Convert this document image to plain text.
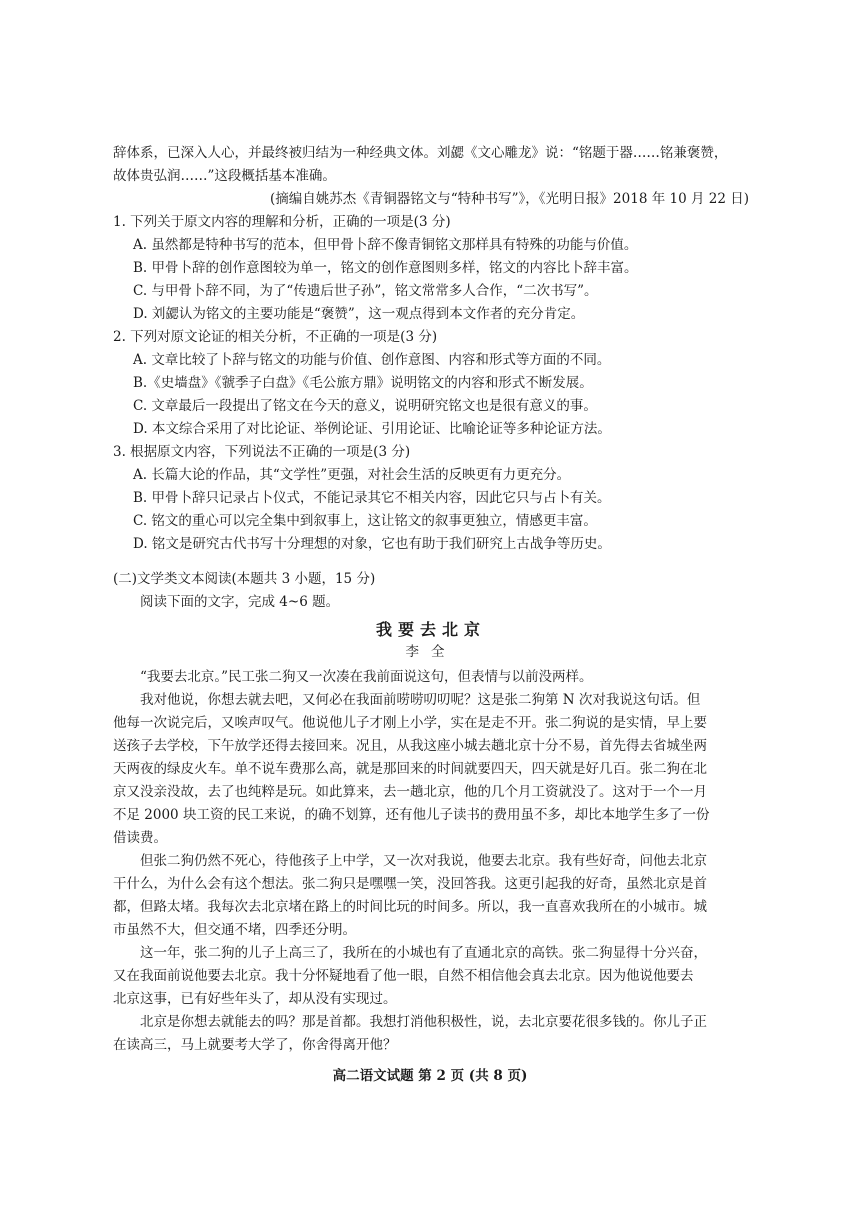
辞体系，已深入人心，并最终被归结为一种经典文体。刘勰《文心雕龙》说：“铭题于器……铭兼褒赞，
故体贵弘润……”这段概括基本准确。
(摘编自姚苏杰《青铜器铭文与“特种书写”》，《光明日报》2018 年 10 月 22 日)
1. 下列关于原文内容的理解和分析，正确的一项是(3 分)
A. 虽然都是特种书写的范本，但甲骨卜辞不像青铜铭文那样具有特殊的功能与价值。
B. 甲骨卜辞的创作意图较为单一，铭文的创作意图则多样，铭文的内容比卜辞丰富。
C. 与甲骨卜辞不同，为了“传遗后世子孙”，铭文常常多人合作，“二次书写”。
D. 刘勰认为铭文的主要功能是“褒赞”，这一观点得到本文作者的充分肯定。
2. 下列对原文论证的相关分析，不正确的一项是(3 分)
A. 文章比较了卜辞与铭文的功能与价值、创作意图、内容和形式等方面的不同。
B.《史墙盘》《虢季子白盘》《毛公旅方鼎》说明铭文的内容和形式不断发展。
C. 文章最后一段提出了铭文在今天的意义，说明研究铭文也是很有意义的事。
D. 本文综合采用了对比论证、举例论证、引用论证、比喻论证等多种论证方法。
3. 根据原文内容，下列说法不正确的一项是(3 分)
A. 长篇大论的作品，其“文学性”更强，对社会生活的反映更有力更充分。
B. 甲骨卜辞只记录占卜仪式，不能记录其它不相关内容，因此它只与占卜有关。
C. 铭文的重心可以完全集中到叙事上，这让铭文的叙事更独立，情感更丰富。
D. 铭文是研究古代书写十分理想的对象，它也有助于我们研究上古战争等历史。
(二)文学类文本阅读(本题共 3 小题，15 分)
阅读下面的文字，完成 4~6 题。
我要去北京
李全
“我要去北京。”民工张二狗又一次凑在我前面说这句，但表情与以前没两样。
我对他说，你想去就去吧，又何必在我面前唠唠叨叨呢？这是张二狗第 N 次对我说这句话。但
他每一次说完后，又唉声叹气。他说他儿子才刚上小学，实在是走不开。张二狗说的是实情，早上要
送孩子去学校，下午放学还得去接回来。况且，从我这座小城去趟北京十分不易，首先得去省城坐两
天两夜的绿皮火车。单不说车费那么高，就是那回来的时间就要四天，四天就是好几百。张二狗在北
京又没亲没故，去了也纯粹是玩。如此算来，去一趟北京，他的几个月工资就没了。这对于一个一月
不足 2000 块工资的民工来说，的确不划算，还有他儿子读书的费用虽不多，却比本地学生多了一份
借读费。
但张二狗仍然不死心，待他孩子上中学，又一次对我说，他要去北京。我有些好奇，问他去北京
干什么，为什么会有这个想法。张二狗只是嘿嘿一笑，没回答我。这更引起我的好奇，虽然北京是首
都，但路太堵。我每次去北京堵在路上的时间比玩的时间多。所以，我一直喜欢我所在的小城市。城
市虽然不大，但交通不堵，四季还分明。
这一年，张二狗的儿子上高三了，我所在的小城也有了直通北京的高铁。张二狗显得十分兴奋，
又在我面前说他要去北京。我十分怀疑地看了他一眼，自然不相信他会真去北京。因为他说他要去
北京这事，已有好些年头了，却从没有实现过。
北京是你想去就能去的吗？那是首都。我想打消他积极性，说，去北京要花很多钱的。你儿子正
在读高三，马上就要考大学了，你舍得离开他？
高二语文试题 第 2 页 (共 8 页)
